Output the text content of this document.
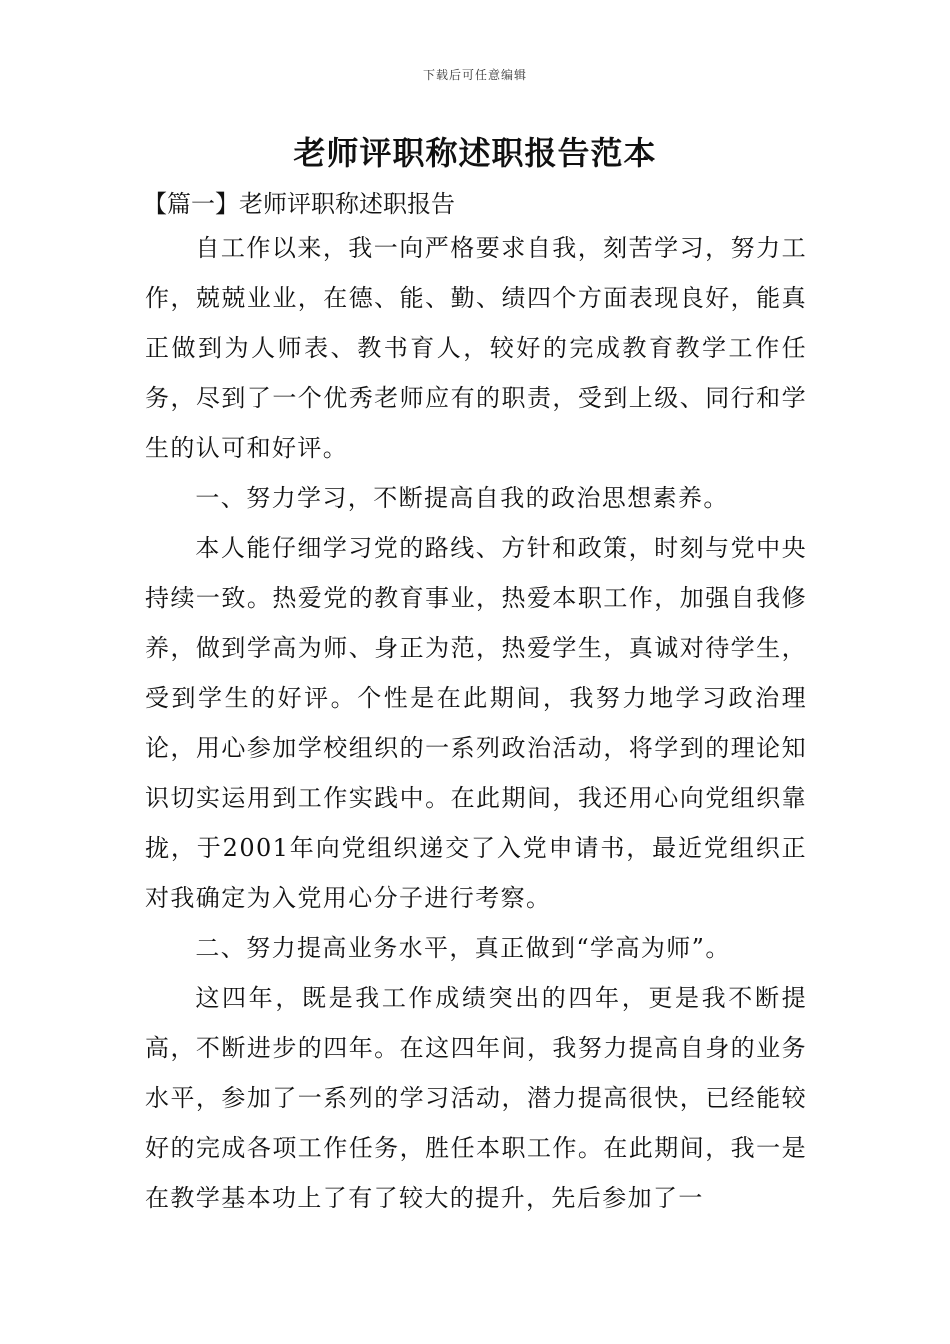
下载后可任意编辑
老师评职称述职报告范本
【篇一】老师评职称述职报告

自工作以来，我一向严格要求自我，刻苦学习，努力工作，兢兢业业，在德、能、勤、绩四个方面表现良好，能真正做到为人师表、教书育人，较好的完成教育教学工作任务，尽到了一个优秀老师应有的职责，受到上级、同行和学生的认可和好评。

一、努力学习，不断提高自我的政治思想素养。

本人能仔细学习党的路线、方针和政策，时刻与党中央持续一致。热爱党的教育事业，热爱本职工作，加强自我修养，做到学高为师、身正为范，热爱学生，真诚对待学生，受到学生的好评。个性是在此期间，我努力地学习政治理论，用心参加学校组织的一系列政治活动，将学到的理论知识切实运用到工作实践中。在此期间，我还用心向党组织靠拢，于2001年向党组织递交了入党申请书，最近党组织正对我确定为入党用心分子进行考察。

二、努力提高业务水平，真正做到“学高为师”。

这四年，既是我工作成绩突出的四年，更是我不断提高，不断进步的四年。在这四年间，我努力提高自身的业务水平，参加了一系列的学习活动，潜力提高很快，已经能较好的完成各项工作任务，胜任本职工作。在此期间，我一是在教学基本功上了有了较大的提升，先后参加了一
